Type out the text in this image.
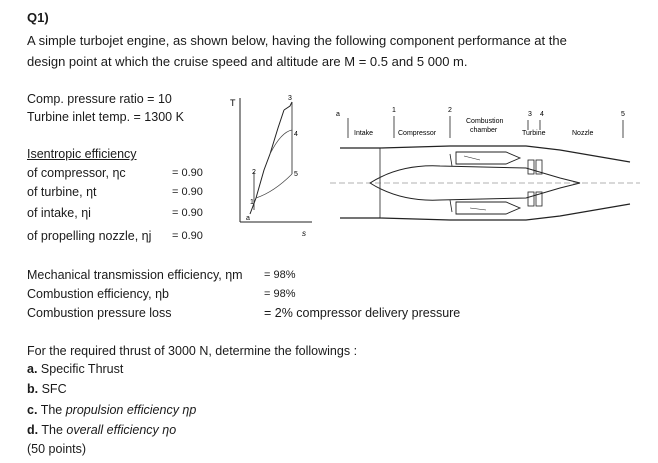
Q1)
A simple turbojet engine, as shown below, having the following component performance at the
design point at which the cruise speed and altitude are M = 0.5 and 5 000 m.
Comp. pressure ratio = 10
Turbine inlet temp. = 1300 K
Isentropic efficiency
of compressor, ηc	= 0.90
of turbine, ηt	= 0.90
of intake, ηi	= 0.90
of propelling nozzle, ηj = 0.90
T
s
a
1
2
3
4
5
a
1	2
3 4	5
Intake	Compressor
Combustion
chamber	Turbine	Nozzle
Mechanical transmission efficiency, ηm = 98%
Combustion efficiency, ηb	= 98%
Combustion pressure loss	= 2% compressor delivery pressure
For the required thrust of 3000 N, determine the followings :
a. Specific Thrust
b. SFC
c. The propulsion efficiency ηp
d. The overall efficiency ηo
(50 points)
